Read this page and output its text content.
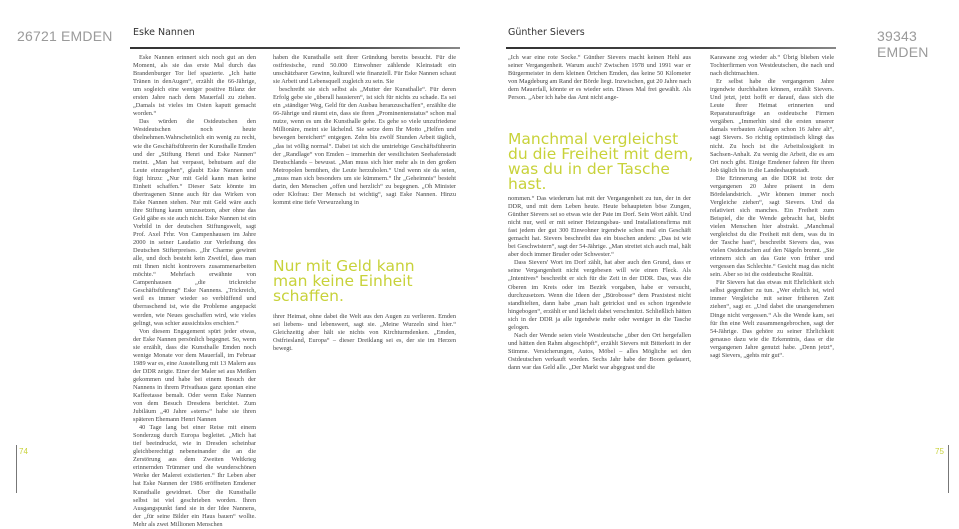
26721 EMDEN Eske Nannen

Eske Nannen erinnert sich noch gut an den Moment, als sie das erste Mal durch das Brandenburger Tor lief spazierte. „Ich hatte Tränen in denAugen“, erzählt die 66-Jährige, um sogleich eine weniger positive Bilanz der ersten Jahre nach dem Mauerfall zu ziehen. „Damals ist vieles im Osten kaputt gemacht worden.“

Das würden die Ostdeutschen den Westdeutschen noch heute übelnehmen.Wahrscheinlich ein wenig zu recht, wie die Geschäftsführerin der Kunsthalle Emden und der „Stiftung Henri und Eske Nannen“ meint. „Man hat verpasst, behutsam auf die Leute einzugehen“, glaubt Eske Nannen und fügt hinzu: „Nur mit Geld kann man keine Einheit schaffen.“ Dieser Satz könnte im übertragenen Sinne auch für das Wirken von Eske Nannen stehen. Nur mit Geld wäre auch ihre Stiftung kaum umzusetzen, aber ohne das Geld gäbe es sie auch nicht. Eske Nannen ist ein Vorbild in der deutschen Stiftungswelt, sagt Prof. Axel Frhr. Von Campenhausen im Jahre 2000 in seiner Laudatio zur Verleihung des Deutschen Stifterpreises. „Ihr Charme gewinnt alle, und doch besteht kein Zweifel, dass man mit Ihnen nicht kontrovers zusammenarbeiten möchte.“ Mehrfach erwähnte von Campenhausen „die trickreiche Geschäftsführung“ Eske Nannens. „Trickreich, weil es immer wieder so verblüffend und überraschend ist, wie die Probleme angepackt werden, wie Neues geschaffen wird, wie vieles gelingt, was schier aussichtslos erschien.“

Von diesem Engagement spürt jeder etwas, der Eske Nannen persönlich begegnet. So, wenn sie erzählt, dass die Kunsthalle Emden noch wenige Monate vor dem Mauerfall, im Februar 1989 war es, eine Ausstellung mit 13 Malern aus der DDR zeigte. Einer der Maler sei aus Meißen gekommen und habe bei einem Besuch der Nannens in ihrem Privathaus ganz spontan eine Kaffeetasse bemalt. Oder wenn Eske Nannen von dem Besuch Dresdens berichtet. Zum Jubiläum „40 Jahre »stern«“ habe sie ihren späteren Ehemann Henri Nannen

40 Tage lang bei einer Reise mit einem Sonderzug durch Europa begleitet. „Mich hat tief beeindruckt, wie in Dresden scheinbar gleichberechtigt nebeneinander die an die Zerstörung aus dem Zweiten Weltkrieg erinnernden Trümmer und die wunderschönen Werke der Malerei existierten.“ Ihr Leben aber hat Eske Nannen der 1986 eröffneten Emdener Kunsthalle gewidmet. Über die Kunsthalle selbst ist viel geschrieben worden. Ihren Ausgangspunkt fand sie in der Idee Nannens, der „für seine Bilder ein Haus bauen“ wollte. Mehr als zwei Millionen Menschen

haben die Kunsthalle seit ihrer Gründung bereits besucht. Für die ostfriesische, rund 50.000 Einwohner zählende Kleinstadt ein unschätzbarer Gewinn, kulturell wie finanziell. Für Eske Nannen schaut sie Arbeit und Lebensquell zugleich zu sein. Sie

beschreibt sie sich selbst als „Mutter der Kunsthalle“. Für deren Erfolg gebe sie „überall hausieren“, ist sich für nichts zu schade. Es sei ein „ständiger Weg, Geld für den Ausbau heranzuschaffen“, erzählte die 66-Jährige und räumt ein, dass sie ihren „Prominentenstatus“ schon mal nutze, wenn es um die Kunsthalle gehe. Es gehe so viele unzufriedene Millionäre, meint sie lächelnd. Sie setze dem Ihr Motto „Helfen und bewegen bereichert“ entgegen. Zehn bis zwölf Stunden Arbeit täglich, „das ist völlig normal“. Dabei ist sich die umtriebige Geschäftsführerin der „Randlage“ von Emden – immerhin der westlichsten Seehafenstadt Deutschlands – bewusst. „Man muss sich hier mehr als in den großen Metropolen bemühen, die Leute herzuholen.“ Und wenn sie da seien, „muss man sich besonders um sie kümmern.“ Ihr „Geheimnis“ besteht darin, den Menschen „offen und herzlich“ zu begegnen. „Oh Minister oder Klofrau: Der Mensch ist wichtig“, sagt Eske Nannen. Hinzu kommt eine tiefe Verwurzelung in

Nur mit Geld kann man keine Einheit schaffen.

ihrer Heimat, ohne dabei die Welt aus den Augen zu verlieren. Emden sei liebens- und lebenswert, sagt sie. „Meine Wurzeln sind hier.“ Gleichzeitig aber hält sie nichts von Kirchturmdenken. „Emden, Ostfriesland, Europa“ – dieser Dreiklang sei es, der sie im Herzen bewegt.

74
Günther Sievers	39343 EMDEN

„Ich war eine rote Socke.“ Günther Sievers macht keinen Hehl aus seiner Vergangenheit. Warum auch? Zwischen 1978 und 1991 war er Bürgermeister in dem kleinen Örtchen Emden, das keine 50 Kilometer von Magdeburg am Rand der Börde liegt. Inzwischen, gut 20 Jahre nach dem Mauerfall, könnte er es wieder sein. Dieses Mal frei gewählt. Als Person. „Aber ich habe das Amt nicht ange-

Manchmal vergleichst du die Freiheit mit dem, was du in der Tasche hast.

nommen.“ Das wiederum hat mit der Vergangenheit zu tun, der in der DDR, und mit dem Leben heute. Heute behaupteten böse Zungen, Günther Sievers sei so etwas wie der Pate im Dorf. Sein Wort zählt. Und nicht nur, weil er mit seiner Heizungsbau- und Installationsfirma mit fast jedem der gut 300 Einwohner irgendwie schon mal ein Geschäft gemacht hat. Sievers beschreibt das ein bisschen anders: „Das ist wie bei Geschwistern“, sagt der 54-Jährige. „Man streitet sich auch mal, hält aber doch immer Bruder oder Schwester.“

Dass Sievers' Wort im Dorf zählt, hat aber auch den Grund, dass er seine Vergangenheit nicht vergebesen will wie einen Fleck. Als „Intentives“ beschreibt er sich für die Zeit in der DDR. Das, was die Oberen im Kreis oder im Bezirk vorgaben, habe er versucht, durchzusetzen. Wenn die Ideen der „Bürobosse“ dem Praxistest nicht standhielten, dann habe „man halt getrickst und es schon irgendwie hingebogen“, erzählt er und lächelt dabei verschmitzt. Schließlich hätten sich in der DDR ja alle irgendwie mehr oder weniger in die Tasche gelogen.

Nach der Wende seien viele Westdeutsche „über den Ort hergefallen und hätten den Rahm abgeschöpft“, erzählt Sievers mit Bitterkeit in der Stimme. Versicherungen, Autos, Möbel – alles Mögliche sei den Ostdeutschen verkauft worden. Sechs Jahr habe der Boom gedauert, dann war das Geld alle. „Der Markt war abgegrast und die

Karawane zog wieder ab.“ Übrig blieben viele Tochterfirmen von Westdeutschen, die nach und nach dichtmachten.

Er selbst habe die vergangenen Jahre irgendwie durchhalten können, erzählt Sievers. Und jetzt, jetzt hofft er darauf, dass sich die Leute ihrer Heimat erinnerten und Reparaturaufträge an ostdeutsche Firmen vergäben. „Immerhin sind die ersten unserer damals verbauten Anlagen schon 16 Jahre alt“, sagt Sievers. So richtig optimistisch klingt das nicht. Zu hoch ist die Arbeitslosigkeit in Sachsen-Anhalt. Zu wenig die Arbeit, die es am Ort noch gibt. Einige Emdener fahren für ihren Job täglich bis in die Landeshauptstadt.

Die Erinnerung an die DDR ist trotz der vergangenen 20 Jahre präsent in dem Bördelandstrich. „Wir können immer noch Vergleiche ziehen“, sagt Sievers. Und da relativiert sich manches. Ein Freiheit zum Beispiel, die die Wende gebracht hat, bleibt vielen Menschen hier abstrakt. „Manchmal vergleichst du die Freiheit mit dem, was du in der Tasche hast“, beschreibt Sievers das, was vielen Ostdeutschen auf den Nägeln brennt. „Sie erinnern sich an das Gute von früher und vergessen das Schlechte.“ Gesicht mag das nicht sein. Aber so ist die ostdeutsche Realität.

Für Sievers hat das etwas mit Ehrlichkeit sich selbst gegenüber zu tun. „Wer ehrlich ist, wird immer Vergleiche mit seiner früheren Zeit ziehen“, sagt er. „Und dabei die unangenehmen Dinge nicht vergessen.“ Als die Wende kam, sei für ihn eine Welt zusammengebrochen, sagt der 54-Jährige. Das gehöre zu seiner Ehrlichkeit genauso dazu wie die Erkenntnis, dass er die vergangenen Jahre genutzt habe. „Denn jetzt“, sagt Sievers, „gehts mir gut“.

75
